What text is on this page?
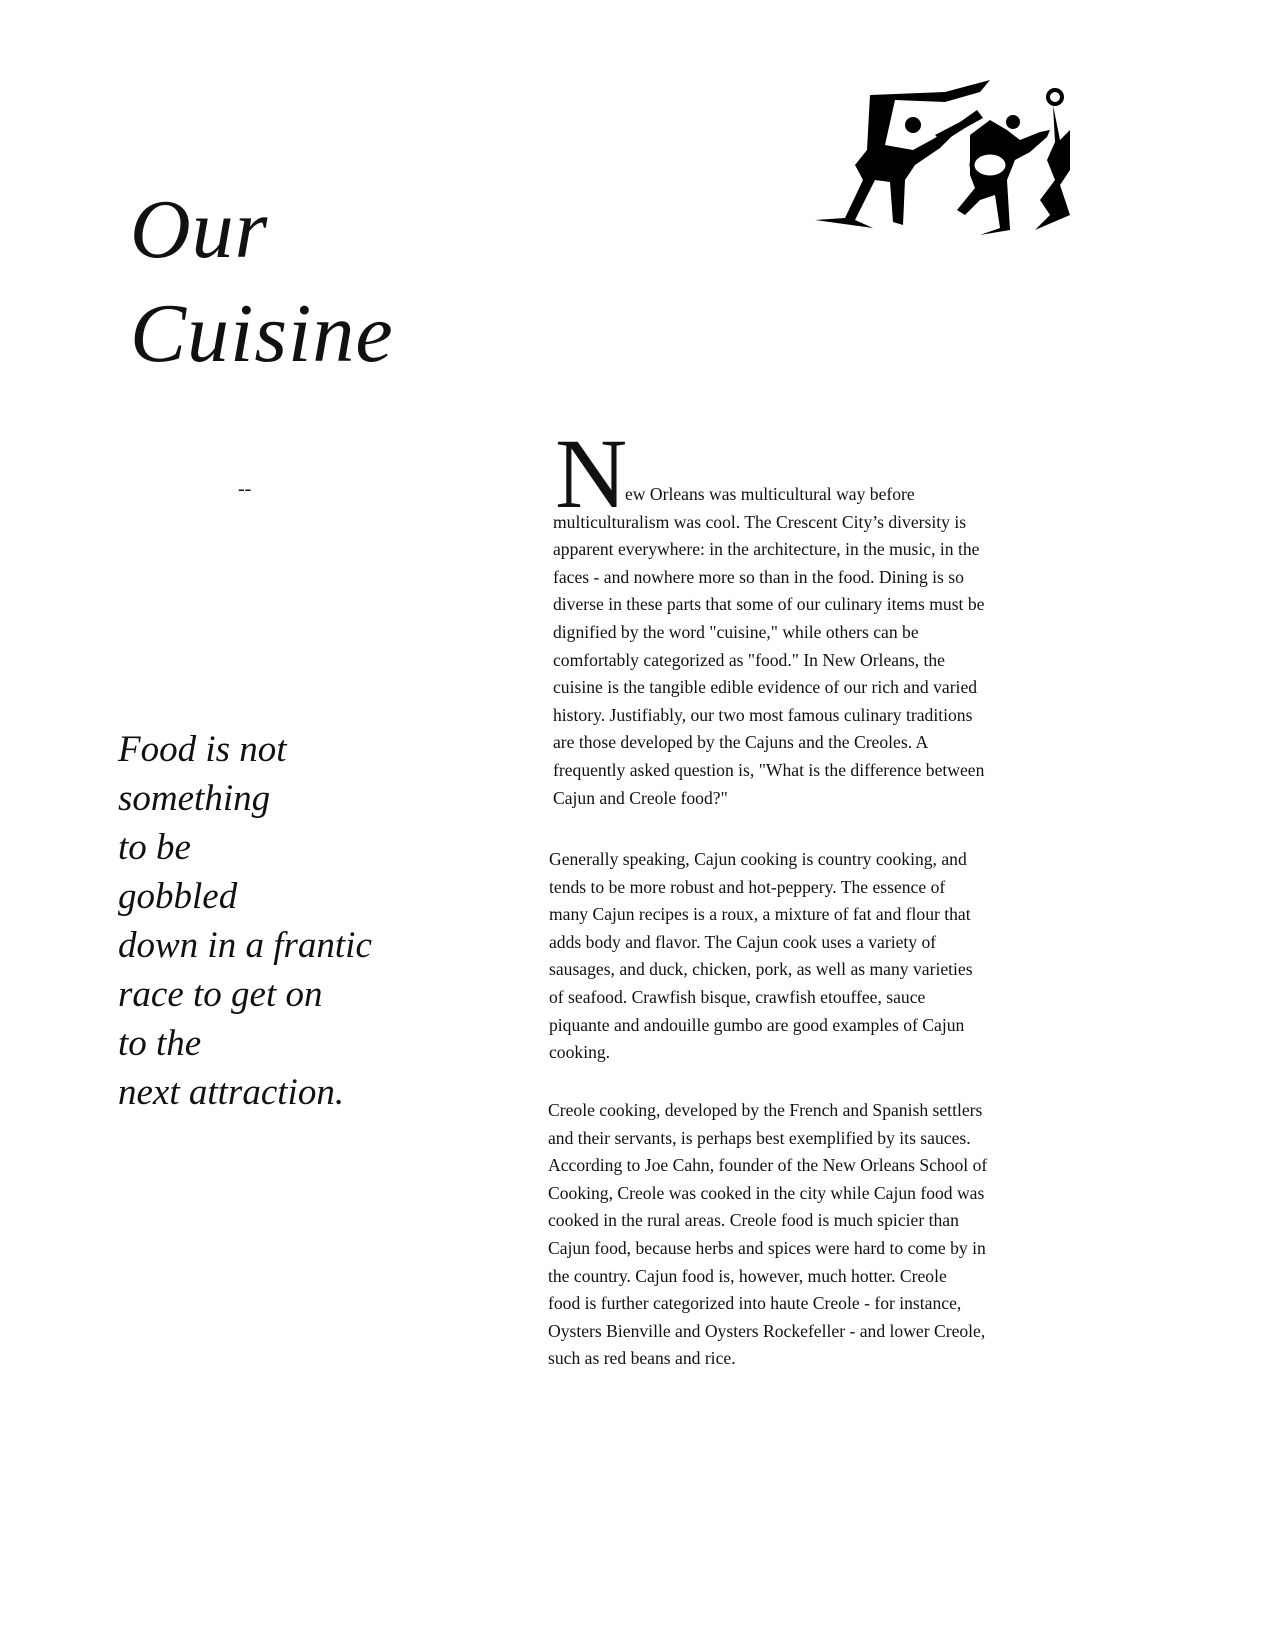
Our
Cuisine
--
Food is not
something
to be
gobbled
down in a frantic
race to get on
to the
next attraction.
N
ew Orleans was multicultural way before
multiculturalism was cool. The Crescent City’s diversity is
apparent everywhere: in the architecture, in the music, in the
faces - and nowhere more so than in the food. Dining is so
diverse in these parts that some of our culinary items must be
dignified by the word "cuisine," while others can be
comfortably categorized as "food." In New Orleans, the
cuisine is the tangible edible evidence of our rich and varied
history. Justifiably, our two most famous culinary traditions
are those developed by the Cajuns and the Creoles. A
frequently asked question is, "What is the difference between
Cajun and Creole food?"
Generally speaking, Cajun cooking is country cooking, and
tends to be more robust and hot-peppery. The essence of
many Cajun recipes is a roux, a mixture of fat and flour that
adds body and flavor. The Cajun cook uses a variety of
sausages, and duck, chicken, pork, as well as many varieties
of seafood. Crawfish bisque, crawfish etouffee, sauce
piquante and andouille gumbo are good examples of Cajun
cooking.
Creole cooking, developed by the French and Spanish settlers
and their servants, is perhaps best exemplified by its sauces.
According to Joe Cahn, founder of the New Orleans School of
Cooking, Creole was cooked in the city while Cajun food was
cooked in the rural areas. Creole food is much spicier than
Cajun food, because herbs and spices were hard to come by in
the country. Cajun food is, however, much hotter. Creole
food is further categorized into haute Creole - for instance,
Oysters Bienville and Oysters Rockefeller - and lower Creole,
such as red beans and rice.
